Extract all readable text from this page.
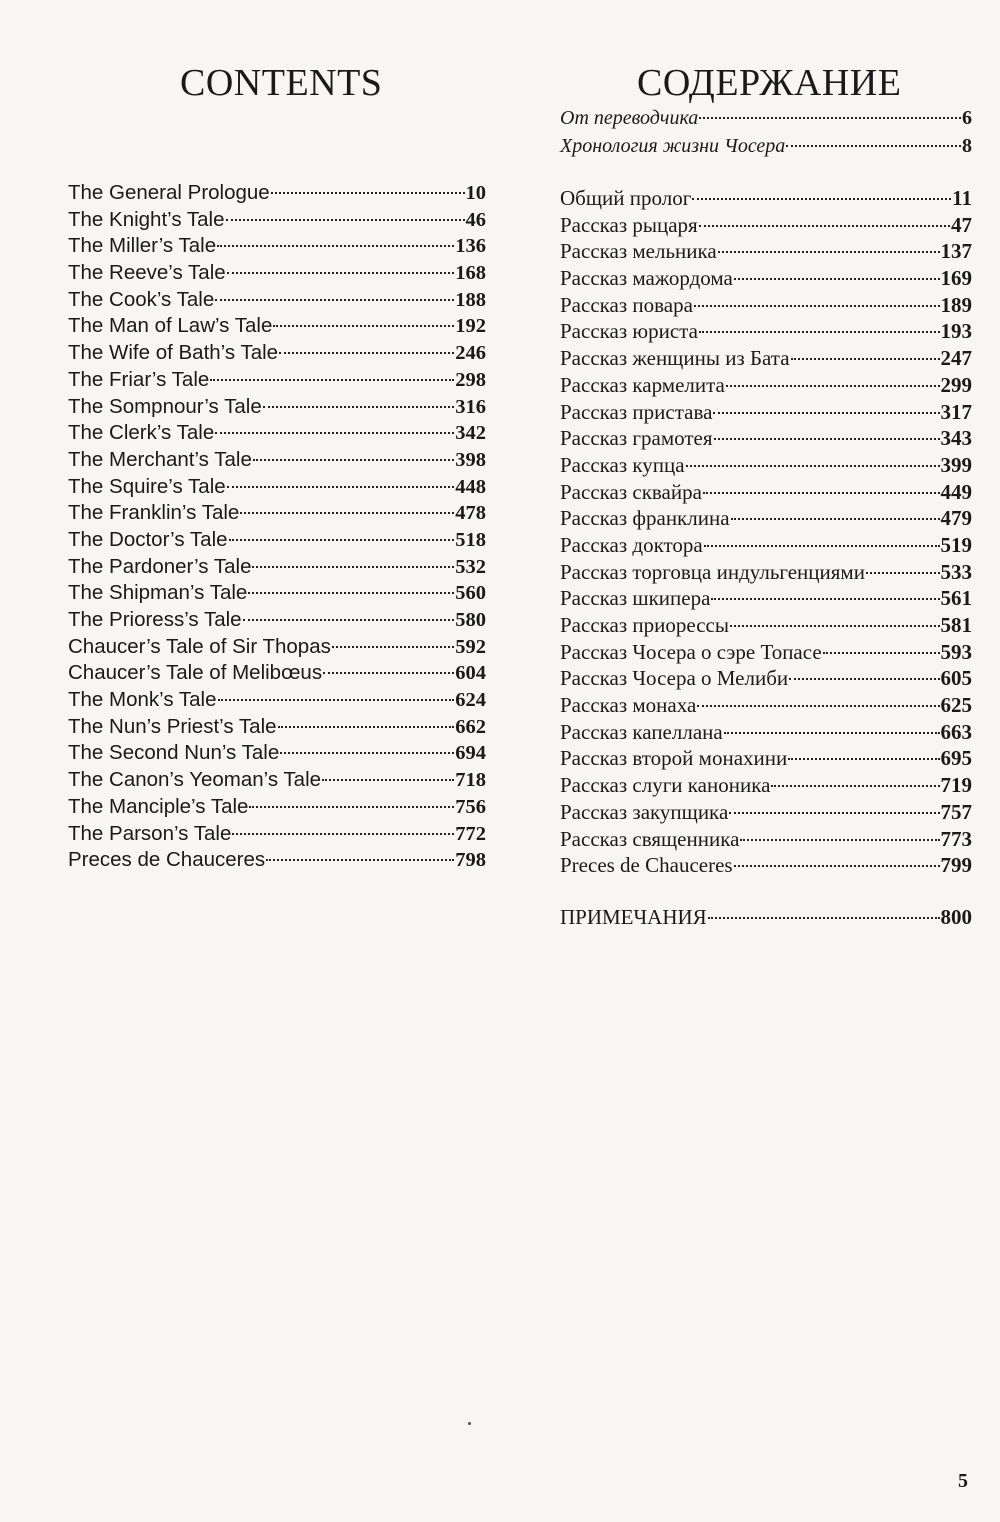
CONTENTS	СОДЕРЖАНИЕ
От переводчика	6
Хронология жизни Чосера	8
The General Prologue	10
The Knight’s Tale	46
The Miller’s Tale	136
The Reeve’s Tale	168
The Cook’s Tale	188
The Man of Law’s Tale	192
The Wife of Bath’s Tale	246
The Friar’s Tale	298
The Sompnour’s Tale	316
The Clerk’s Tale	342
The Merchant’s Tale	398
The Squire’s Tale	448
The Franklin’s Tale	478
The Doctor’s Tale	518
The Pardoner’s Tale	532
The Shipman’s Tale	560
The Prioress’s Tale	580
Chaucer’s Tale of Sir Thopas	592
Chaucer’s Tale of Melibœus	604
The Monk’s Tale	624
The Nun’s Priest’s Tale	662
The Second Nun’s Tale	694
The Canon’s Yeoman’s Tale	718
The Manciple’s Tale	756
The Parson’s Tale	772
Preces de Chauceres	798
Общий пролог	11
Рассказ рыцаря	47
Рассказ мельника	137
Рассказ мажордома	169
Рассказ повара	189
Рассказ юриста	193
Рассказ женщины из Бата	247
Рассказ кармелита	299
Рассказ пристава	317
Рассказ грамотея	343
Рассказ купца	399
Рассказ сквайра	449
Рассказ франклина	479
Рассказ доктора	519
Рассказ торговца индульгенциями	533
Рассказ шкипера	561
Рассказ приорессы	581
Рассказ Чосера о сэре Топасе	593
Рассказ Чосера о Мелиби	605
Рассказ монаха	625
Рассказ капеллана	663
Рассказ второй монахини	695
Рассказ слуги каноника	719
Рассказ закупщика	757
Рассказ священника	773
Preces de Chauceres	799
ПРИМЕЧАНИЯ	800
5
